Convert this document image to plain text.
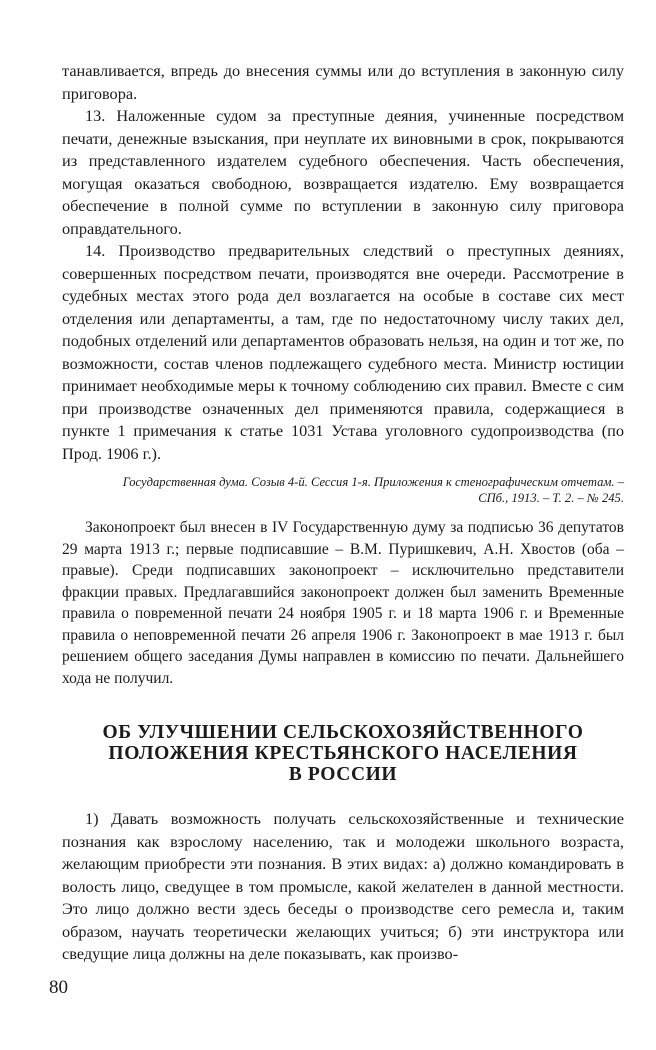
танавливается, впредь до внесения суммы или до вступления в законную силу приговора.

13. Наложенные судом за преступные деяния, учиненные посредством печати, денежные взыскания, при неуплате их виновными в срок, покрываются из представленного издателем судебного обеспечения. Часть обеспечения, могущая оказаться свободною, возвращается издателю. Ему возвращается обеспечение в полной сумме по вступлении в законную силу приговора оправдательного.

14. Производство предварительных следствий о преступных деяниях, совершенных посредством печати, производятся вне очереди. Рассмотрение в судебных местах этого рода дел возлагается на особые в составе сих мест отделения или департаменты, а там, где по недостаточному числу таких дел, подобных отделений или департаментов образовать нельзя, на один и тот же, по возможности, состав членов подлежащего судебного места. Министр юстиции принимает необходимые меры к точному соблюдению сих правил. Вместе с сим при производстве означенных дел применяются правила, содержащиеся в пункте 1 примечания к статье 1031 Устава уголовного судопроизводства (по Прод. 1906 г.).

Государственная дума. Созыв 4-й. Сессия 1-я. Приложения к стенографическим отчетам. – СПб., 1913. – Т. 2. – № 245.

Законопроект был внесен в IV Государственную думу за подписью 36 депутатов 29 марта 1913 г.; первые подписавшие – В.М. Пуришкевич, А.Н. Хвостов (оба – правые). Среди подписавших законопроект – исключительно представители фракции правых. Предлагавшийся законопроект должен был заменить Временные правила о повременной печати 24 ноября 1905 г. и 18 марта 1906 г. и Временные правила о неповременной печати 26 апреля 1906 г. Законопроект в мае 1913 г. был решением общего заседания Думы направлен в комиссию по печати. Дальнейшего хода не получил.

ОБ УЛУЧШЕНИИ СЕЛЬСКОХОЗЯЙСТВЕННОГО
ПОЛОЖЕНИЯ КРЕСТЬЯНСКОГО НАСЕЛЕНИЯ
В РОССИИ

1) Давать возможность получать сельскохозяйственные и технические познания как взрослому населению, так и молодежи школьного возраста, желающим приобрести эти познания. В этих видах: а) должно командировать в волость лицо, сведущее в том промысле, какой желателен в данной местности. Это лицо должно вести здесь беседы о производстве сего ремесла и, таким образом, научать теоретически желающих учиться; б) эти инструктора или сведущие лица должны на деле показывать, как произво-

80
